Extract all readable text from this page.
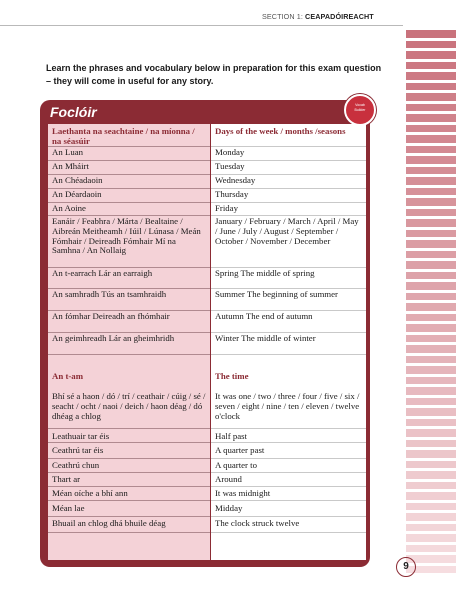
SECTION 1: CEAPADÓIREACHT
Learn the phrases and vocabulary below in preparation for this exam question – they will come in useful for any story.
Foclóir	Vocab
Builder
Laethanta na seachtaine / na míonna / na séasúir
An Luan
An Mháirt
An Chéadaoin
An Déardaoin
An Aoine
Eanáir / Feabhra / Márta / Bealtaine / Aibreán Meitheamh / Iúil / Lúnasa / Meán Fómhair / Deireadh Fómhair Mí na Samhna / An Nollaig
An t-earrach Lár an earraigh
An samhradh Tús an tsamhraidh
An fómhar Deireadh an fhómhair
An geimhreadh Lár an gheimhridh
An t-am
Bhí sé a haon / dó / trí / ceathair / cúig / sé / seacht / ocht / naoi / deich / haon déag / dó dhéag a chlog
Leathuair tar éis
Ceathrú tar éis
Ceathrú chun
Thart ar
Méan oíche a bhí ann
Méan lae
Bhuail an chlog dhá bhuile déag
Days of the week / months /seasons
Monday
Tuesday
Wednesday
Thursday
Friday
January / February / March / April / May / June / July / August / September / October / November / December
Spring The middle of spring
Summer The beginning of summer
Autumn The end of autumn
Winter The middle of winter
The time
It was one / two / three / four / five / six / seven / eight / nine / ten / eleven / twelve o'clock
Half past
A quarter past
A quarter to
Around
It was midnight
Midday
The clock struck twelve
9
